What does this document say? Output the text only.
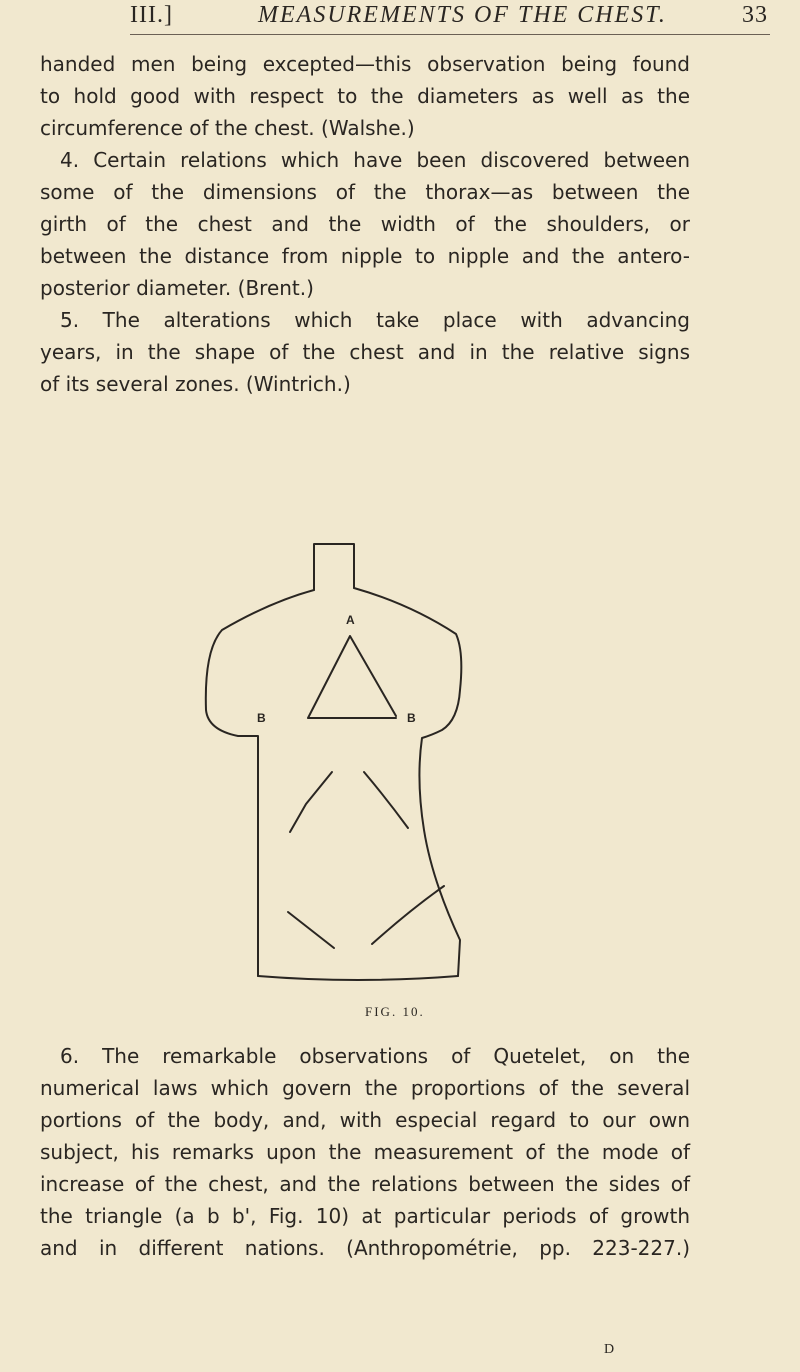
III.]	MEASUREMENTS OF THE CHEST.	33
handed men being excepted—this observation being found
to hold good with respect to the diameters as well as the
circumference of the chest. (Walshe.)
4. Certain relations which have been discovered between
some of the dimensions of the thorax—as between the
girth of the chest and the width of the shoulders, or
between the distance from nipple to nipple and the antero-
posterior diameter. (Brent.)
5. The alterations which take place with advancing
years, in the shape of the chest and in the relative signs
of its several zones. (Wintrich.)
A
B	B
FIG. 10.
6. The remarkable observations of Quetelet, on the
numerical laws which govern the proportions of the several
portions of the body, and, with especial regard to our own
subject, his remarks upon the measurement of the mode of
increase of the chest, and the relations between the sides of
the triangle (a b b', Fig. 10) at particular periods of growth
and in different nations. (Anthropométrie, pp. 223-227.)
D
